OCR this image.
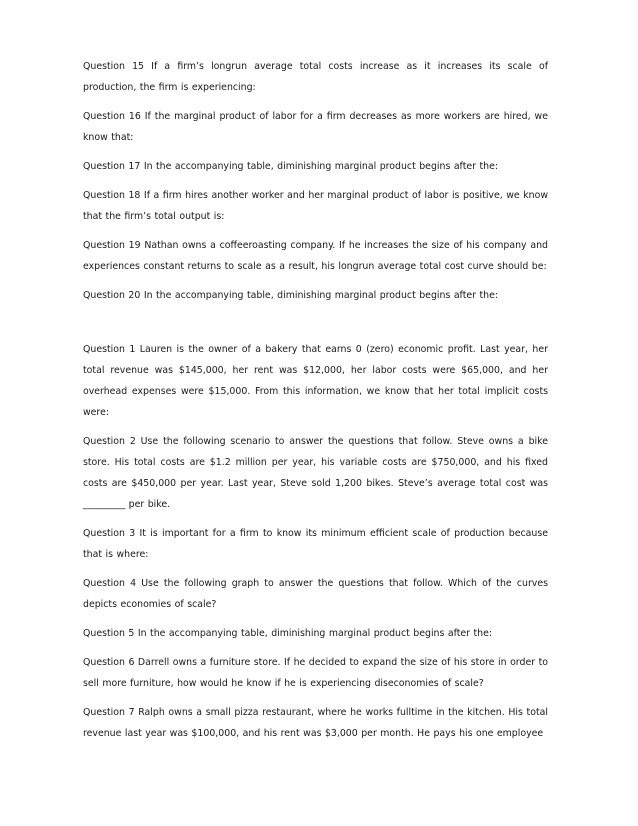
Question 15 If a firm’s longrun average total costs increase as it increases its scale of production, the firm is experiencing:

Question 16 If the marginal product of labor for a firm decreases as more workers are hired, we know that:

Question 17 In the accompanying table, diminishing marginal product begins after the:

Question 18 If a firm hires another worker and her marginal product of labor is positive, we know that the firm’s total output is:

Question 19 Nathan owns a coffeeroasting company. If he increases the size of his company and experiences constant returns to scale as a result, his longrun average total cost curve should be:

Question 20 In the accompanying table, diminishing marginal product begins after the:

Question 1 Lauren is the owner of a bakery that earns 0 (zero) economic profit. Last year, her total revenue was $145,000, her rent was $12,000, her labor costs were $65,000, and her overhead expenses were $15,000. From this information, we know that her total implicit costs were:

Question 2 Use the following scenario to answer the questions that follow. Steve owns a bike store. His total costs are $1.2 million per year, his variable costs are $750,000, and his fixed costs are $450,000 per year. Last year, Steve sold 1,200 bikes. Steve’s average total cost was _________ per bike.

Question 3 It is important for a firm to know its minimum efficient scale of production because that is where:

Question 4 Use the following graph to answer the questions that follow. Which of the curves depicts economies of scale?

Question 5 In the accompanying table, diminishing marginal product begins after the:

Question 6 Darrell owns a furniture store. If he decided to expand the size of his store in order to sell more furniture, how would he know if he is experiencing diseconomies of scale?

Question 7 Ralph owns a small pizza restaurant, where he works fulltime in the kitchen. His total revenue last year was $100,000, and his rent was $3,000 per month. He pays his one employee
